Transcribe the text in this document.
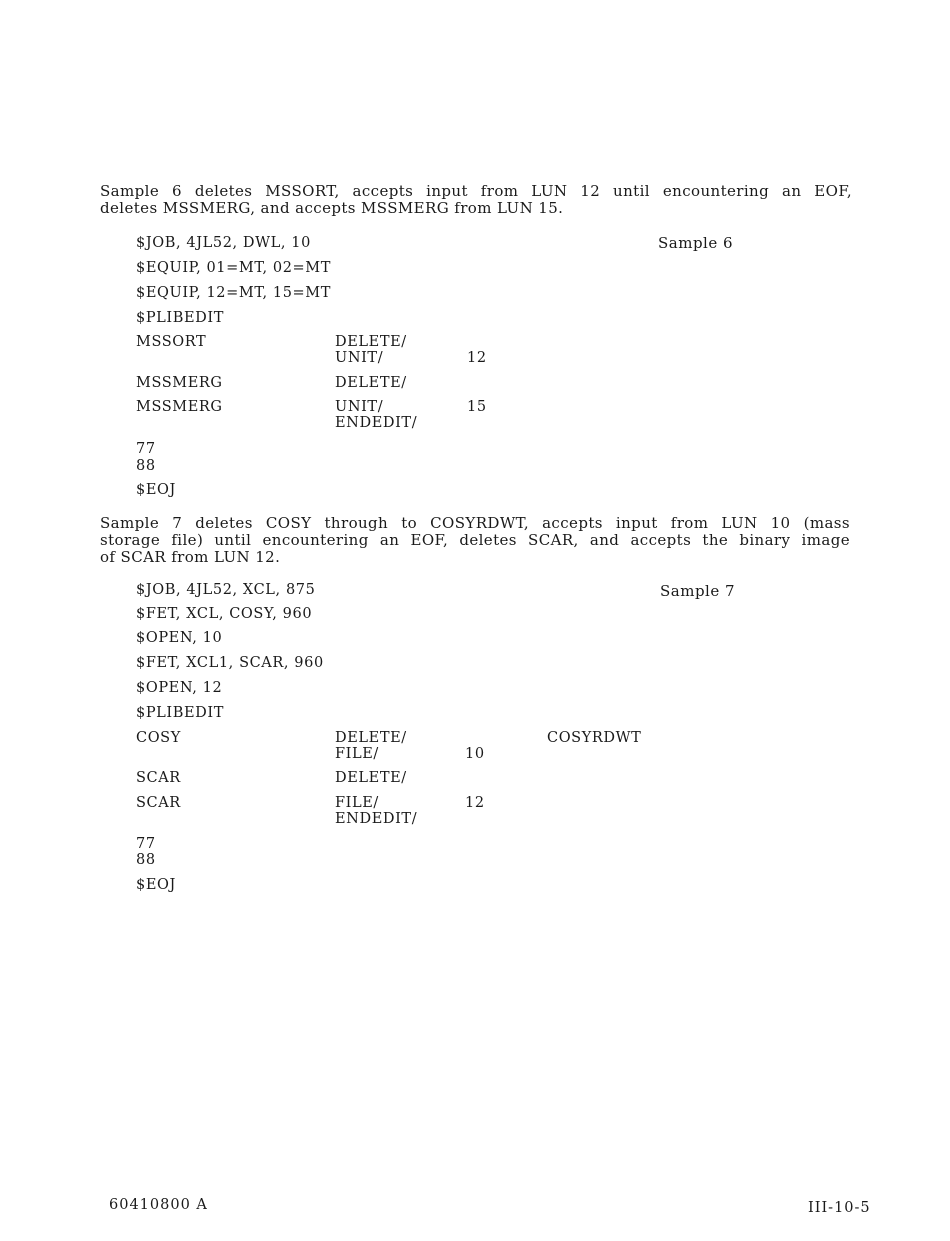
Sample 6 deletes MSSORT, accepts input from LUN 12 until encountering an EOF,
deletes MSSMERG, and accepts MSSMERG from LUN 15.
Sample 6
$JOB, 4JL52, DWL, 10
$EQUIP, 01=MT, 02=MT
$EQUIP, 12=MT, 15=MT
$PLIBEDIT
MSSORT	DELETE/
UNIT/	12
MSSMERG	DELETE/
MSSMERG	UNIT/	15
ENDEDIT/
77
88
$EOJ
Sample 7 deletes COSY through to COSYRDWT, accepts input from LUN 10 (mass
storage file) until encountering an EOF, deletes SCAR, and accepts the binary image
of SCAR from LUN 12.
Sample 7
$JOB, 4JL52, XCL, 875
$FET, XCL, COSY, 960
$OPEN, 10
$FET, XCL1, SCAR, 960
$OPEN, 12
$PLIBEDIT
COSY	DELETE/	COSYRDWT
FILE/	10
SCAR	DELETE/
SCAR	FILE/	12
ENDEDIT/
77
88
$EOJ
60410800 A	III-10-5
